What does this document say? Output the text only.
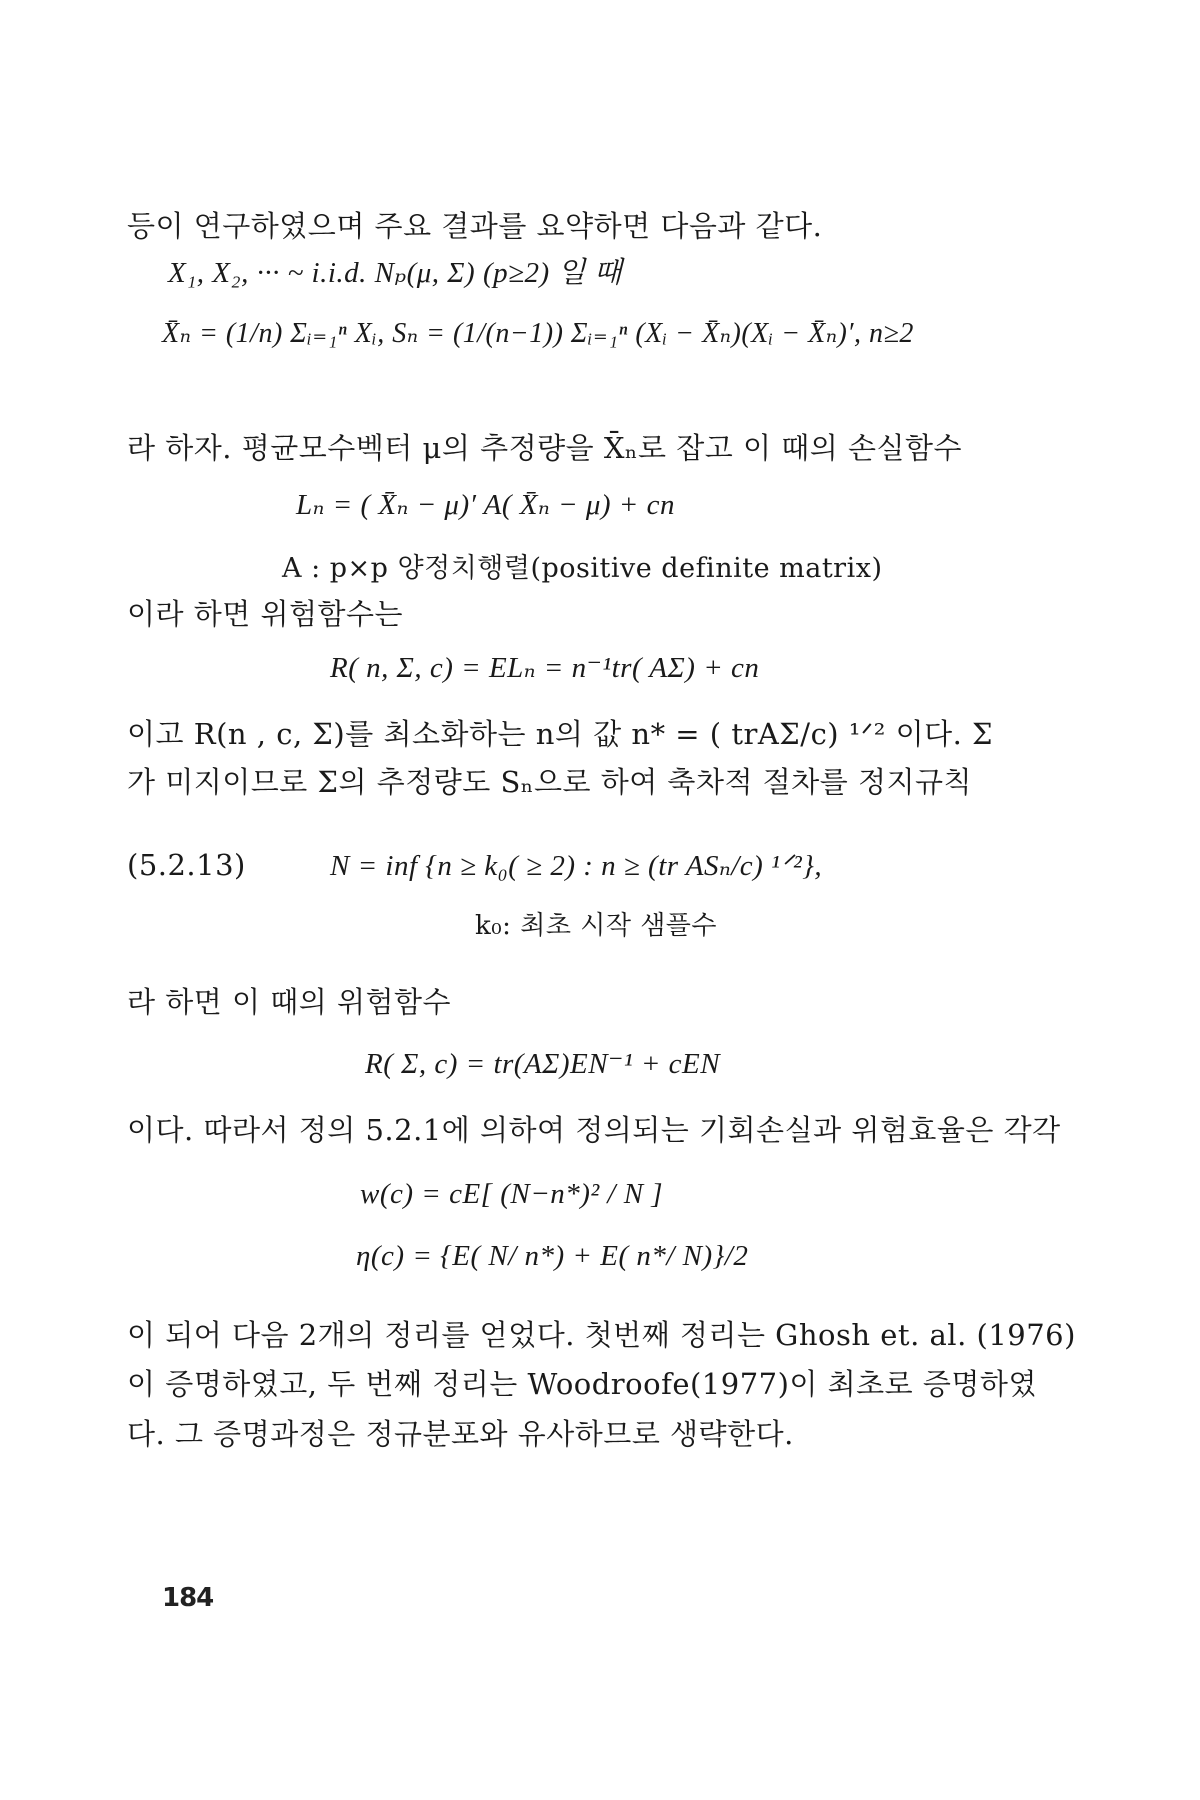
등이 연구하였으며 주요 결과를 요약하면 다음과 같다.
X₁, X₂, ··· ~ i.i.d. Nₚ(μ, Σ) (p≥2) 일 때
X̄ₙ = (1/n) Σᵢ₌₁ⁿ Xᵢ, Sₙ = (1/(n−1)) Σᵢ₌₁ⁿ (Xᵢ − X̄ₙ)(Xᵢ − X̄ₙ)′, n≥2
라 하자. 평균모수벡터 μ의 추정량을 X̄ₙ로 잡고 이 때의 손실함수
Lₙ = ( X̄ₙ − μ)′ A( X̄ₙ − μ) + cn
A : p×p 양정치행렬(positive definite matrix)
이라 하면 위험함수는
R( n, Σ, c) = ELₙ = n⁻¹tr( AΣ) + cn
이고 R(n , c, Σ)를 최소화하는 n의 값 n* = ( trAΣ/c) ¹ᐟ² 이다. Σ
가 미지이므로 Σ의 추정량도 Sₙ으로 하여 축차적 절차를 정지규칙
(5.2.13)	N = inf {n ≥ k₀( ≥ 2) : n ≥ (tr ASₙ/c) ¹ᐟ²},
k₀: 최초 시작 샘플수
라 하면 이 때의 위험함수
R( Σ, c) = tr(AΣ)EN⁻¹ + cEN
이다. 따라서 정의 5.2.1에 의하여 정의되는 기회손실과 위험효율은 각각
w(c) = cE[ (N−n*)² / N ]
η(c) = {E( N/ n*) + E( n*/ N)}/2
이 되어 다음 2개의 정리를 얻었다. 첫번째 정리는 Ghosh et. al. (1976)
이 증명하였고, 두 번째 정리는 Woodroofe(1977)이 최초로 증명하였
다. 그 증명과정은 정규분포와 유사하므로 생략한다.
184
